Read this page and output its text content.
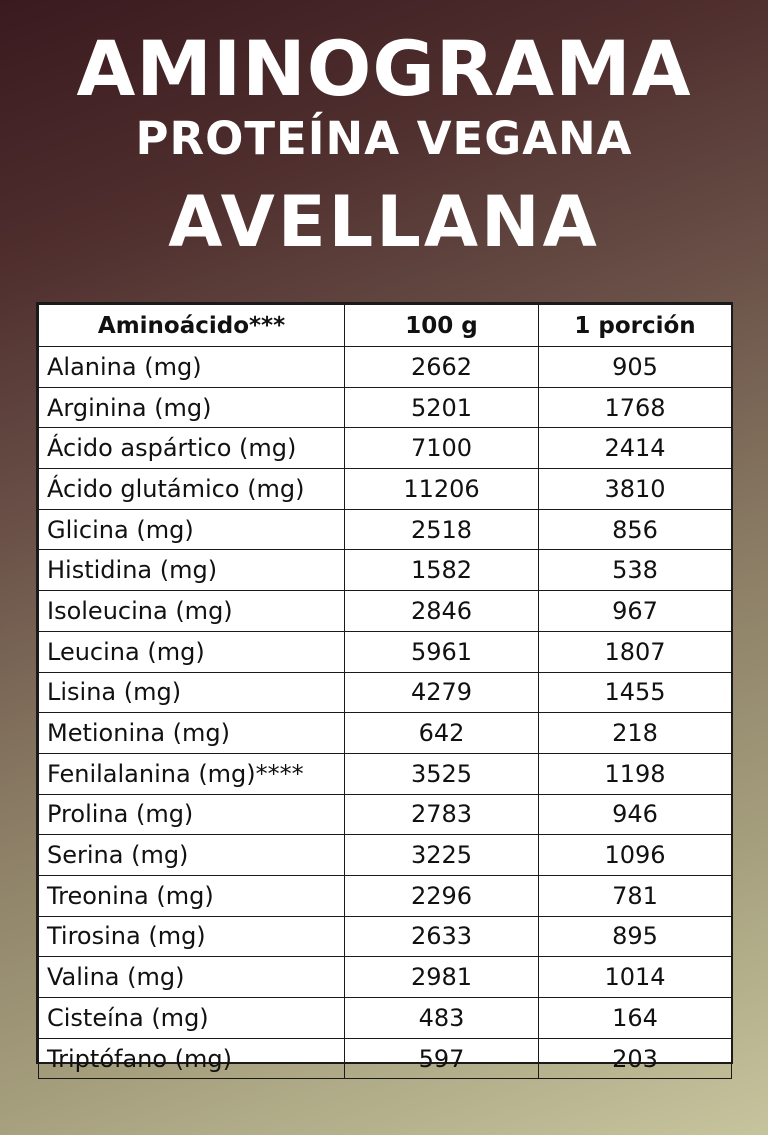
AMINOGRAMA
PROTEÍNA VEGANA
AVELLANA
Aminoácido***	100 g	1 porción
Alanina (mg)	2662	905
Arginina (mg)	5201	1768
Ácido aspártico (mg)	7100	2414
Ácido glutámico (mg)	11206	3810
Glicina (mg)	2518	856
Histidina (mg)	1582	538
Isoleucina (mg)	2846	967
Leucina (mg)	5961	1807
Lisina (mg)	4279	1455
Metionina (mg)	642	218
Fenilalanina (mg)****	3525	1198
Prolina (mg)	2783	946
Serina (mg)	3225	1096
Treonina (mg)	2296	781
Tirosina (mg)	2633	895
Valina (mg)	2981	1014
Cisteína (mg)	483	164
Triptófano (mg)	597	203
